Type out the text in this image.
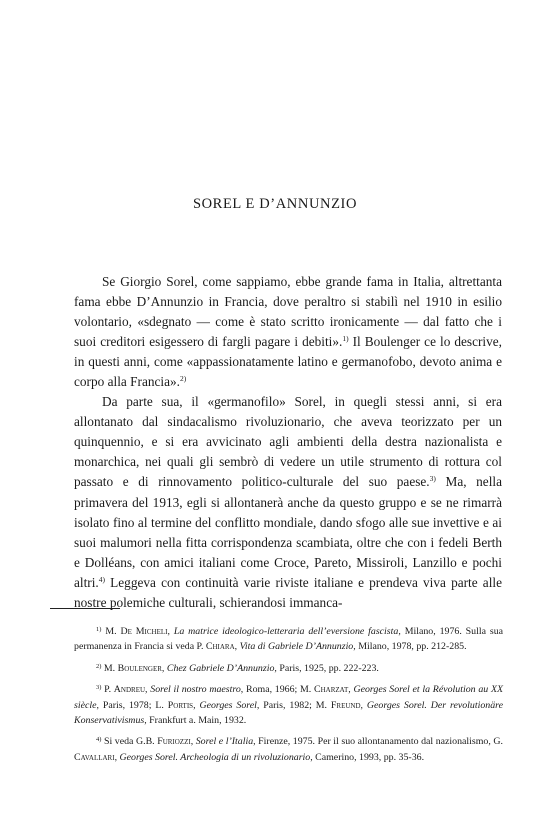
SOREL E D’ANNUNZIO

Se Giorgio Sorel, come sappiamo, ebbe grande fama in Italia, altrettanta fama ebbe D’Annunzio in Francia, dove peraltro si stabilì nel 1910 in esilio volontario, «sdegnato — come è stato scritto ironicamente — dal fatto che i suoi creditori esigessero di fargli pagare i debiti».$^{1)}$ Il Boulenger ce lo descrive, in questi anni, come «appassionatamente latino e germanofobo, devoto anima e corpo alla Francia».$^{2)}$

Da parte sua, il «germanofilo» Sorel, in quegli stessi anni, si era allontanato dal sindacalismo rivoluzionario, che aveva teorizzato per un quinquennio, e si era avvicinato agli ambienti della destra nazionalista e monarchica, nei quali gli sembrò di vedere un utile strumento di rottura col passato e di rinnovamento politico-culturale del suo paese.$^{3)}$ Ma, nella primavera del 1913, egli si allontanerà anche da questo gruppo e se ne rimarrà isolato fino al termine del conflitto mondiale, dando sfogo alle sue invettive e ai suoi malumori nella fitta corrispondenza scambiata, oltre che con i fedeli Berth e Dolléans, con amici italiani come Croce, Pareto, Missiroli, Lanzillo e pochi altri.$^{4)}$ Leggeva con continuità varie riviste italiane e prendeva viva parte alle nostre polemiche culturali, schierandosi immanca-

$^{1)}$ M. De Micheli, La matrice ideologico-letteraria dell’eversione fascista, Milano, 1976. Sulla sua permanenza in Francia si veda P. Chiara, Vita di Gabriele D’Annunzio, Milano, 1978, pp. 212-285.

$^{2)}$ M. Boulenger, Chez Gabriele D’Annunzio, Paris, 1925, pp. 222-223.

$^{3)}$ P. Andreu, Sorel il nostro maestro, Roma, 1966; M. Charzat, Georges Sorel et la Révolution au XX siècle, Paris, 1978; L. Portis, Georges Sorel, Paris, 1982; M. Freund, Georges Sorel. Der revolutionäre Konservativismus, Frankfurt a. Main, 1932.

$^{4)}$ Si veda G.B. Furiozzi, Sorel e l’Italia, Firenze, 1975. Per il suo allontanamento dal nazionalismo, G. Cavallari, Georges Sorel. Archeologia di un rivoluzionario, Camerino, 1993, pp. 35-36.
